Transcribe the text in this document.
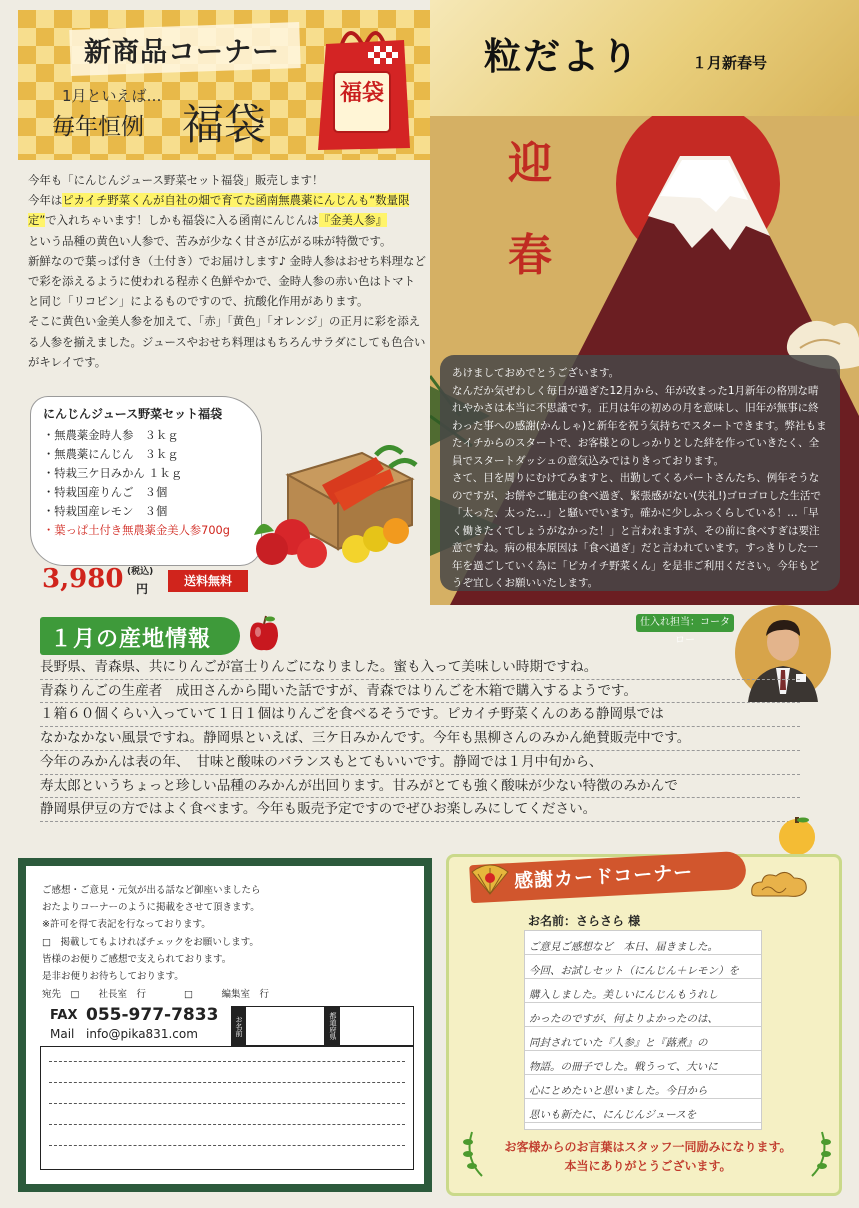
新商品コーナー
1月といえば…
毎年恒例 福袋
福袋
今年も「にんじんジュース野菜セット福袋」販売します！
今年はピカイチ野菜くんが自社の畑で育てた函南無農薬にんじんも“数量限定”で入れちゃいます！しかも福袋に入る函南にんじんは『金美人参』
という品種の黄色い人参で、苦みが少なく甘さが広がる味が特徴です。
新鮮なので葉っぱ付き（土付き）でお届けします♪ 金時人参はおせち料理などで彩を添えるように使われる程赤く色鮮やかで、金時人参の赤い色はトマトと同じ「リコピン」によるものですので、抗酸化作用があります。
そこに黄色い金美人参を加えて、「赤」「黄色」「オレンジ」の正月に彩を添える人参を揃えました。ジュースやおせち料理はもちろんサラダにしても色合いがキレイです。
にんじんジュース野菜セット福袋
・無農薬金時人参　３ｋｇ
・無農薬にんじん　３ｋｇ
・特栽三ケ日みかん １ｋｇ
・特栽国産りんご　３個
・特栽国産レモン　３個
・葉っぱ土付き無農薬金美人参700g
3,980 (税込)
円
送料無料
粒だより	１月新春号
迎
春

あけましておめでとうございます。

なんだか気ぜわしく毎日が過ぎた12月から、年が改まった1月新年の格別な晴れやかさは本当に不思議です。正月は年の初めの月を意味し、旧年が無事に終わった事への感謝(かんしゃ)と新年を祝う気持ちでスタートできます。弊社もまたイチからのスタートで、お客様とのしっかりとした絆を作っていきたく、全員でスタートダッシュの意気込みではりきっております。

さて、目を周りにむけてみますと、出勤してくるパートさんたち、例年そうなのですが、お餅やご馳走の食べ過ぎ、緊張感がない(失礼!)ゴロゴロした生活で「太った、太った…」と騒いでいます。確かに少しふっくらしている！…「早く働きたくてしょうがなかった！」と言われますが、その前に食べすぎは要注意ですね。病の根本原因は「食べ過ぎ」だと言われています。すっきりした一年を過ごしていく為に「ピカイチ野菜くん」を是非ご利用ください。今年もどうぞ宜しくお願いいたします。

１月の産地情報
仕入れ担当：コータロー
長野県、青森県、共にりんごが富士りんごになりました。蜜も入って美味しい時期ですね。
青森りんごの生産者　成田さんから聞いた話ですが、青森ではりんごを木箱で購入するようです。
１箱６０個くらい入っていて１日１個はりんごを食べるそうです。ピカイチ野菜くんのある静岡県では
なかなかない風景ですね。静岡県といえば、三ケ日みかんです。今年も黒柳さんのみかん絶賛販売中です。
今年のみかんは表の年、　甘味と酸味のバランスもとてもいいです。静岡では１月中旬から、
寿太郎というちょっと珍しい品種のみかんが出回ります。甘みがとても強く酸味が少ない特徴のみかんで
静岡県伊豆の方ではよく食べます。今年も販売予定ですのでぜひお楽しみにしてください。
ご感想・ご意見・元気が出る話など御座いましたら
おたよりコーナーのように掲載をさせて頂きます。
※許可を得て表記を行なっております。
□　掲載してもよければチェックをお願いします。
皆様のお便りご感想で支えられております。
是非お便りお待ちしております。
宛先　□　　社長室　行　　　　□　　　編集室　行
FAX 055-977-7833
Mail info@pika831.com	お名前	都道府県
感謝カードコーナー
お名前：さらさら 様
ご意見ご感想など　本日、届きました。
今回、お試しセット（にんじん＋レモン）を
購入しました。美しいにんじんもうれし
かったのですが、何よりよかったのは、
同封されていた『人参』と『蕗煮』の
物語。の冊子でした。戦うって、大いに
心にとめたいと思いました。今日から
思いも新たに、にんじんジュースを
お客様からのお言葉はスタッフ一同励みになります。
本当にありがとうございます。
